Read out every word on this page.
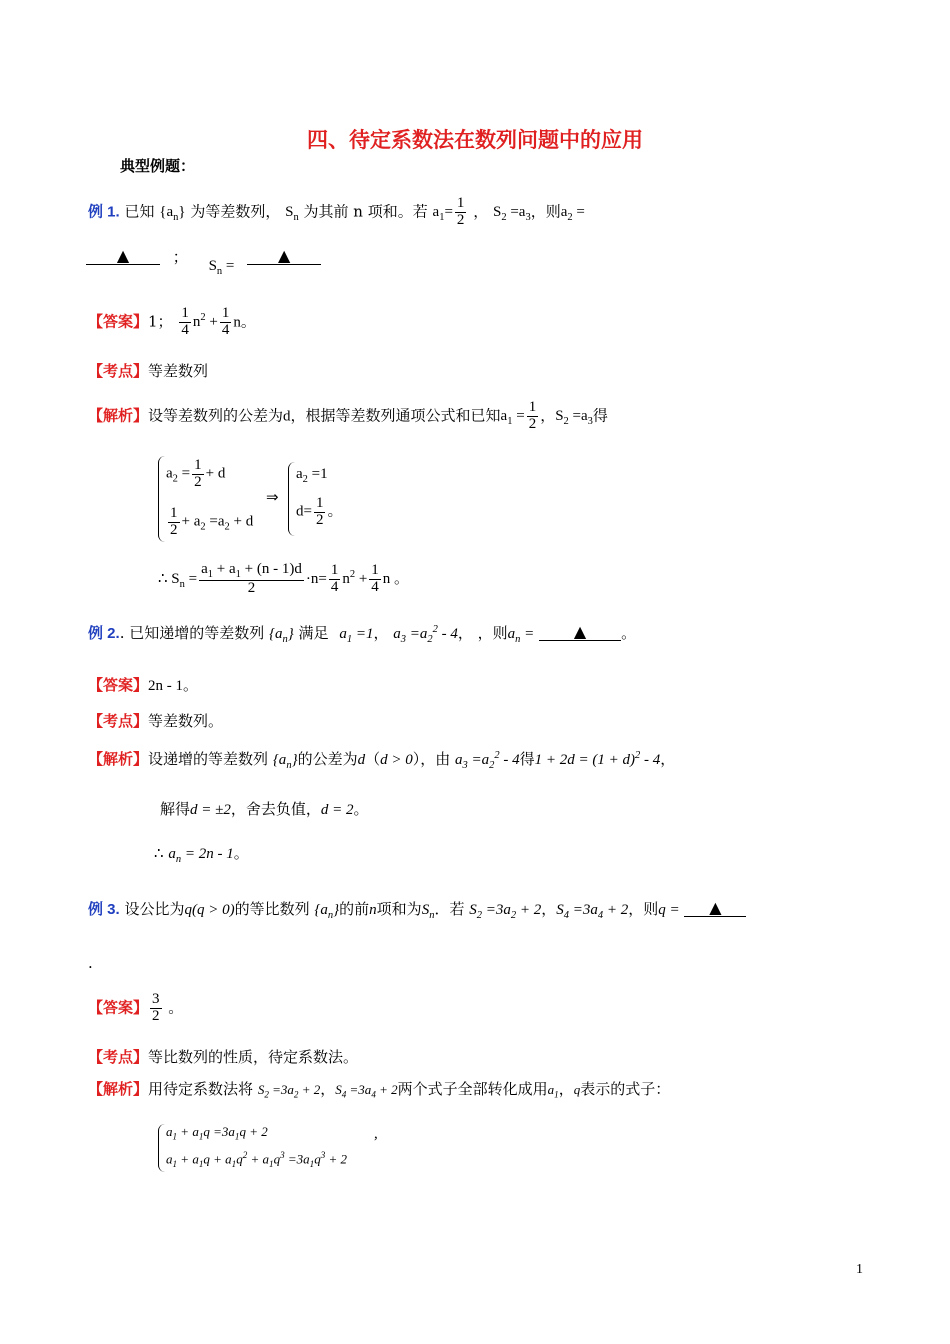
四、待定系数法在数列问题中的应用
典型例题：
例 1. 已知 $\{a_n\}$ 为等差数列， $S_n$ 为其前 n 项和。若 $a_1= \frac{1}{2}$ ， $S_2 =a_3$，则$a_2$ =
▲	； $S_n$ =
▲
【答案】1； $\frac{1}{4} n^2 + \frac{1}{4}$ n。
【考点】等差数列
【解析】设等差数列的公差为d，根据等差数列通项公式和已知$a_1 = \frac{1}{2}$ ，$S_2 =a_3$得
$a_2 = \frac{1}{2} + d$
$\frac{1}{2} + a_2 =a_2 + d$
⇒
$a_2 =1$
$d= \frac{1}{2}$ 。
∴ $S_n = \frac{a_1 + a_1 + (n - 1)d}{2} \cdot n= \frac{1}{4} n^2 + \frac{1}{4}$ n 。
例 2.. 已知递增的等差数列 $\{a_n\}$ 满足 $a_1 =1$， $a_3 =a_2^2 - 4$， ，则$a_n$ = ▲ 。
【答案】2n - 1。
【考点】等差数列。
【解析】设递增的等差数列 $\{a_n\}$的公差为d（d > 0），由 $a_3 =a_2^2 - 4$得$1 + 2d = (1 + d)^2 - 4$，
解得d = ±2，舍去负值，d = 2。
∴ $a_n = 2n - 1$。
例 3. 设公比为q(q > 0)的等比数列 $\{a_n\}$的前n项和为$S_n$．若 $S_2 =3a_2 + 2$，$S_4 =3a_4 + 2$，则q = ▲
.
【答案】 $\frac{3}{2}$ 。
【考点】等比数列的性质，待定系数法。
【解析】用待定系数法将 $S_2 =3a_2 + 2$，$S_4 =3a_4 + 2$两个式子全部转化成用$a_1$，q表示的式子：
$a_1 + a_1q =3a_1q + 2$
$a_1 + a_1q + a_1q^2 + a_1q^3 =3a_1q^3 + 2$
,
1
